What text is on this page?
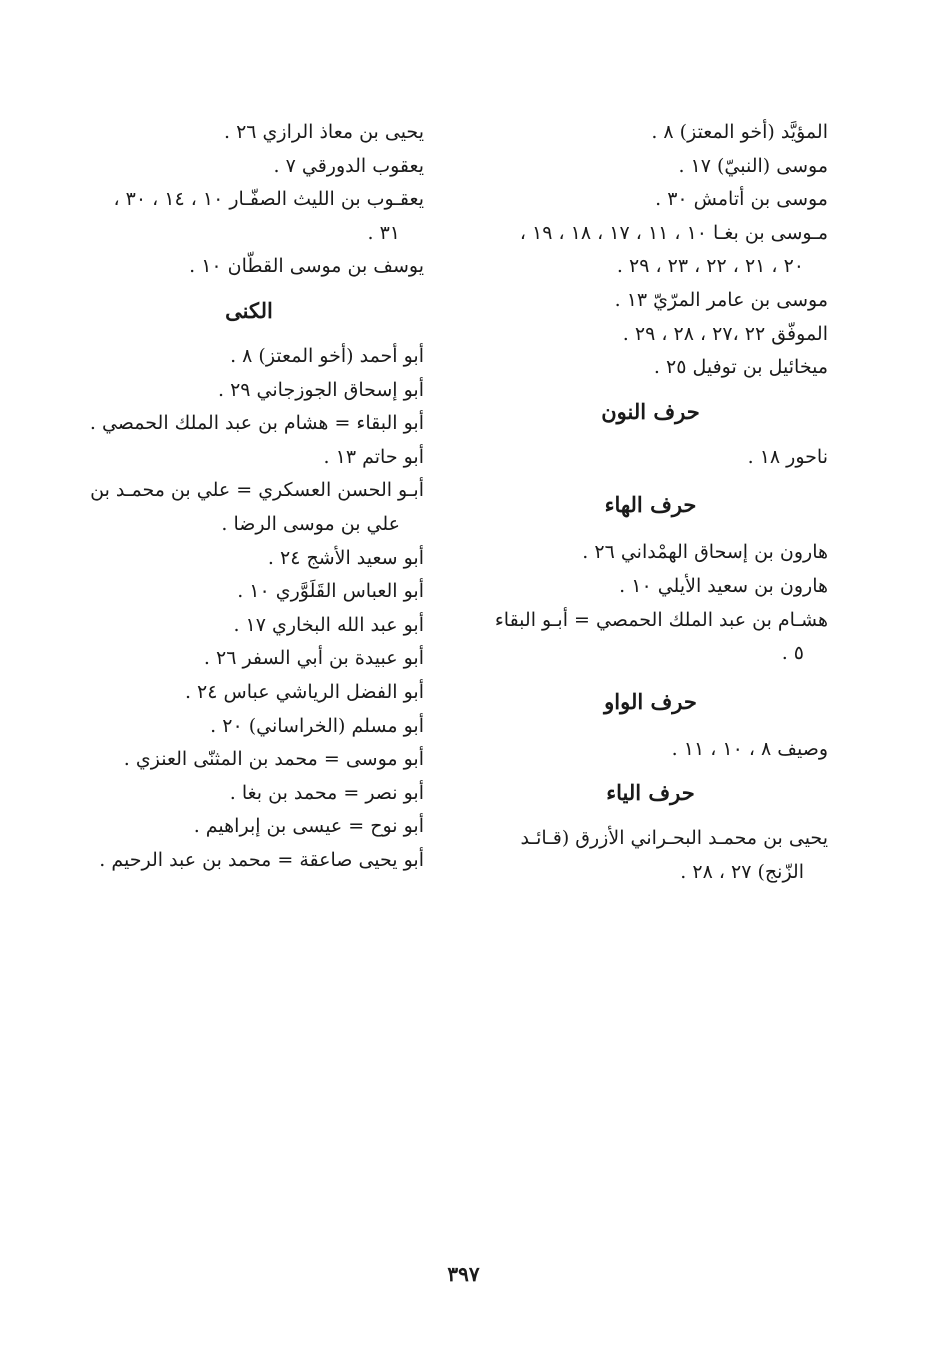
المؤيَّد (أخو المعتز) ٨ .

موسى (النبيّ) ١٧ .

موسى بن أتامش ٣٠ .

مـوسى بن بغـا ١٠ ، ١١ ، ١٧ ، ١٨ ، ١٩ ،
٢٠ ، ٢١ ، ٢٢ ، ٢٣ ، ٢٩ .

موسى بن عامر المرّيّ ١٣ .

الموفّق ٢٢ ،٢٧ ، ٢٨ ، ٢٩ .

ميخائيل بن توفيل ٢٥ .

حرف النون

ناحور ١٨ .

حرف الهاء

هارون بن إسحاق الهمْداني ٢٦ .

هارون بن سعيد الأيلي ١٠ .

هشـام بن عبد الملك الحمصي = أبـو البقاء
٥ .

حرف الواو

وصيف ٨ ، ١٠ ، ١١ .

حرف الياء

يحيى بن محمـد البحـراني الأزرق (قـائـد
الزّنج) ٢٧ ، ٢٨ .

يحيى بن معاذ الرازي ٢٦ .

يعقوب الدورقي ٧ .

يعقـوب بن الليث الصفّـار ١٠ ، ١٤ ، ٣٠ ،
٣١ .

يوسف بن موسى القطّان ١٠ .

الكنى

أبو أحمد (أخو المعتز) ٨ .

أبو إسحاق الجوزجاني ٢٩ .

أبو البقاء = هشام بن عبد الملك الحمصي .

أبو حاتم ١٣ .

أبـو الحسن العسكري = علي بن محمـد بن
علي بن موسى الرضا .

أبو سعيد الأشج ٢٤ .

أبو العباس القَلَوَّري ١٠ .

أبو عبد الله البخاري ١٧ .

أبو عبيدة بن أبي السفر ٢٦ .

أبو الفضل الرياشي عباس ٢٤ .

أبو مسلم (الخراساني) ٢٠ .

أبو موسى = محمد بن المثنّى العنزي .

أبو نصر = محمد بن بغا .

أبو نوح = عيسى بن إبراهيم .

أبو يحيى صاعقة = محمد بن عبد الرحيم .

٣٩٧
